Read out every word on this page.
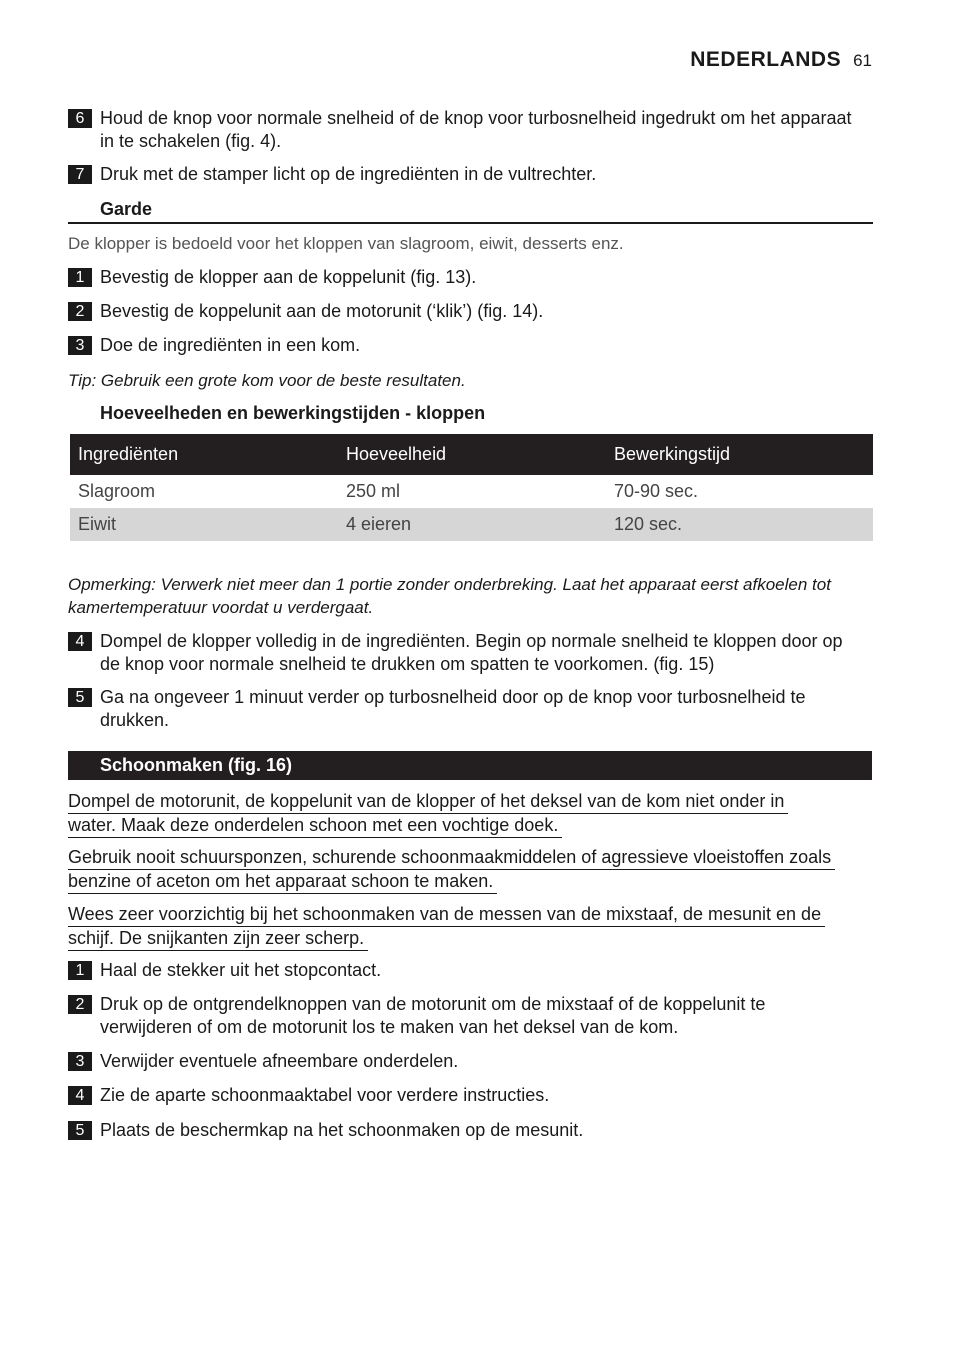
NEDERLANDS 61
6 Houd de knop voor normale snelheid of de knop voor turbosnelheid ingedrukt om het apparaat in te schakelen (fig. 4).
7 Druk met de stamper licht op de ingrediënten in de vultrechter.
Garde
De klopper is bedoeld voor het kloppen van slagroom, eiwit, desserts enz.
1 Bevestig de klopper aan de koppelunit (fig. 13).
2 Bevestig de koppelunit aan de motorunit (‘klik’) (fig. 14).
3 Doe de ingrediënten in een kom.
Tip: Gebruik een grote kom voor de beste resultaten.
Hoeveelheden en bewerkingstijden - kloppen
Ingrediënten	Hoeveelheid	Bewerkingstijd
Slagroom	250 ml	70-90 sec.
Eiwit	4 eieren	120 sec.
Opmerking: Verwerk niet meer dan 1 portie zonder onderbreking. Laat het apparaat eerst afkoelen tot kamertemperatuur voordat u verdergaat.
4 Dompel de klopper volledig in de ingrediënten. Begin op normale snelheid te kloppen door op de knop voor normale snelheid te drukken om spatten te voorkomen. (fig. 15)
5 Ga na ongeveer 1 minuut verder op turbosnelheid door op de knop voor turbosnelheid te drukken.
Schoonmaken (fig. 16)
Dompel de motorunit, de koppelunit van de klopper of het deksel van de kom niet onder in
water. Maak deze onderdelen schoon met een vochtige doek.
Gebruik nooit schuursponzen, schurende schoonmaakmiddelen of agressieve vloeistoffen zoals
benzine of aceton om het apparaat schoon te maken.
Wees zeer voorzichtig bij het schoonmaken van de messen van de mixstaaf, de mesunit en de
schijf. De snijkanten zijn zeer scherp.
1 Haal de stekker uit het stopcontact.
2 Druk op de ontgrendelknoppen van de motorunit om de mixstaaf of de koppelunit te verwijderen of om de motorunit los te maken van het deksel van de kom.
3 Verwijder eventuele afneembare onderdelen.
4 Zie de aparte schoonmaaktabel voor verdere instructies.
5 Plaats de beschermkap na het schoonmaken op de mesunit.
